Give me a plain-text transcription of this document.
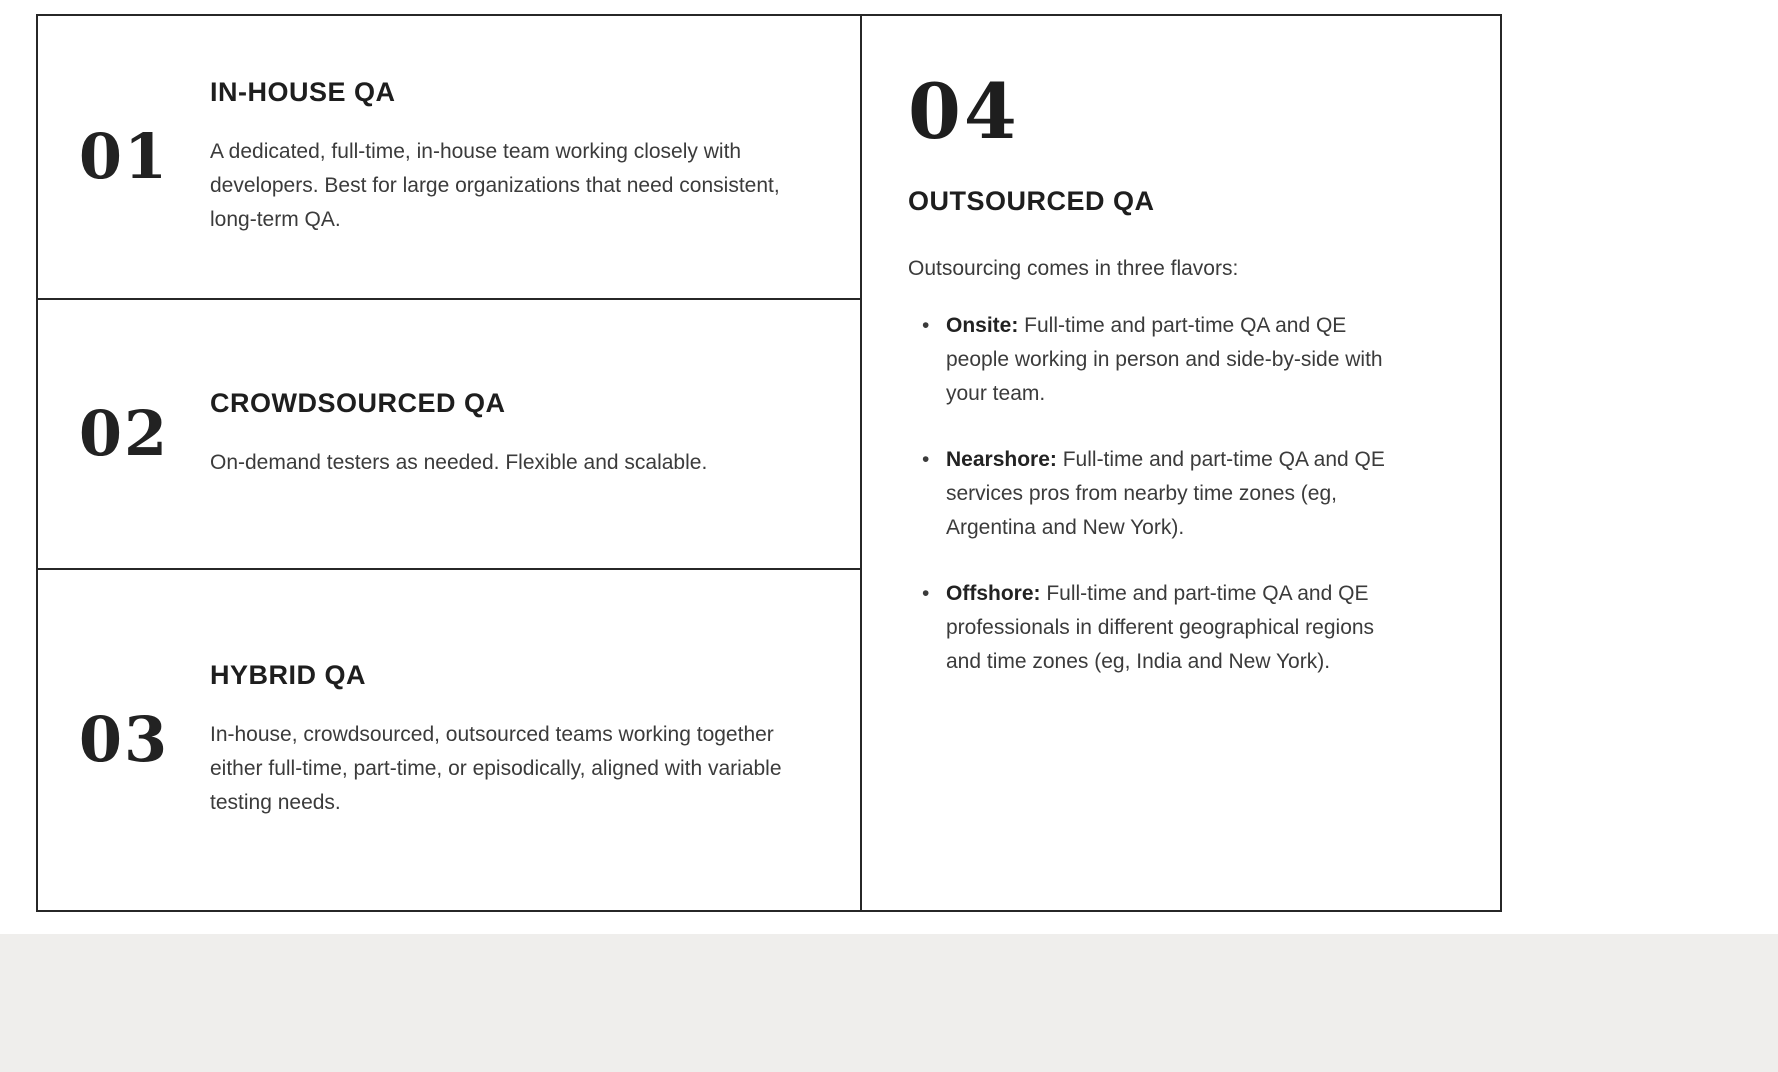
01
IN-HOUSE QA

A dedicated, full-time, in-house team working closely with developers. Best for large organizations that need consistent, long-term QA.

02 CROWDSOURCED QA

On-demand testers as needed. Flexible and scalable.

03
HYBRID QA

In-house, crowdsourced, outsourced teams working together either full-time, part-time, or episodically, aligned with variable testing needs.

04
OUTSOURCED QA

Outsourcing comes in three flavors:

• Onsite: Full-time and part-time QA and QE people working in person and side-by-side with your team.
• Nearshore: Full-time and part-time QA and QE services pros from nearby time zones (eg, Argentina and New York).
• Offshore: Full-time and part-time QA and QE professionals in different geographical regions and time zones (eg, India and New York).
